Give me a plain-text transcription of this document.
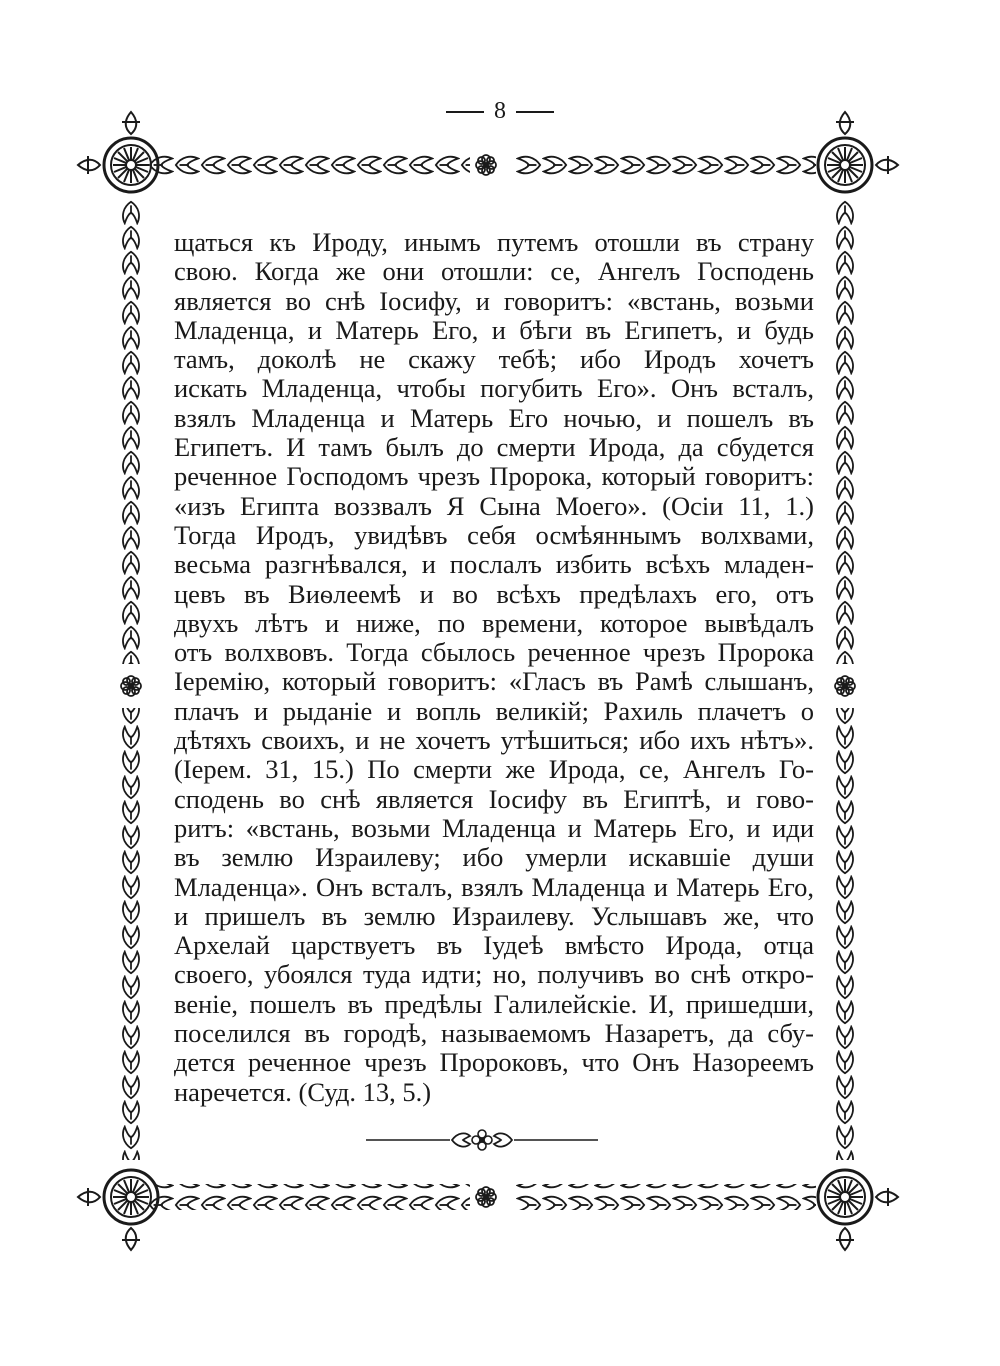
8

щаться къ Ироду, инымъ путемъ отошли въ страну

свою. Когда же они отошли: се, Ангелъ Господень

является во снѣ Іосифу, и говоритъ: «встань, возьми

Младенца, и Матерь Его, и бѣги въ Египетъ, и будь

тамъ, доколѣ не скажу тебѣ; ибо Иродъ хочетъ

искать Младенца, чтобы погубить Его». Онъ всталъ,

взялъ Младенца и Матерь Его ночью, и пошелъ въ

Египетъ. И тамъ былъ до смерти Ирода, да сбудется

реченное Господомъ чрезъ Пророка, который говоритъ:

«изъ Египта воззвалъ Я Сына Моего». (Осіи 11, 1.)

Тогда Иродъ, увидѣвъ себя осмѣяннымъ волхвами,

весьма разгнѣвался, и послалъ избить всѣхъ младен-

цевъ въ Виѳлеемѣ и во всѣхъ предѣлахъ его, отъ

двухъ лѣтъ и ниже, по времени, которое вывѣдалъ

отъ волхвовъ. Тогда сбылось реченное чрезъ Пророка

Іеремію, который говоритъ: «Гласъ въ Рамѣ слышанъ,

плачъ и рыданіе и вопль великій; Рахиль плачетъ о

дѣтяхъ своихъ, и не хочетъ утѣшиться; ибо ихъ нѣтъ».

(Іерем. 31, 15.) По смерти же Ирода, се, Ангелъ Го-

сподень во снѣ является Іосифу въ Египтѣ, и гово-

ритъ: «встань, возьми Младенца и Матерь Его, и иди

въ землю Израилеву; ибо умерли искавшіе души

Младенца». Онъ всталъ, взялъ Младенца и Матерь Его,

и пришелъ въ землю Израилеву. Услышавъ же, что

Архелай царствуетъ въ Іудеѣ вмѣсто Ирода, отца

своего, убоялся туда идти; но, получивъ во снѣ откро-

веніе, пошелъ въ предѣлы Галилейскіе. И, пришедши,

поселился въ городѣ, называемомъ Назаретъ, да сбу-

дется реченное чрезъ Пророковъ, что Онъ Назореемъ

наречется. (Суд. 13, 5.)
